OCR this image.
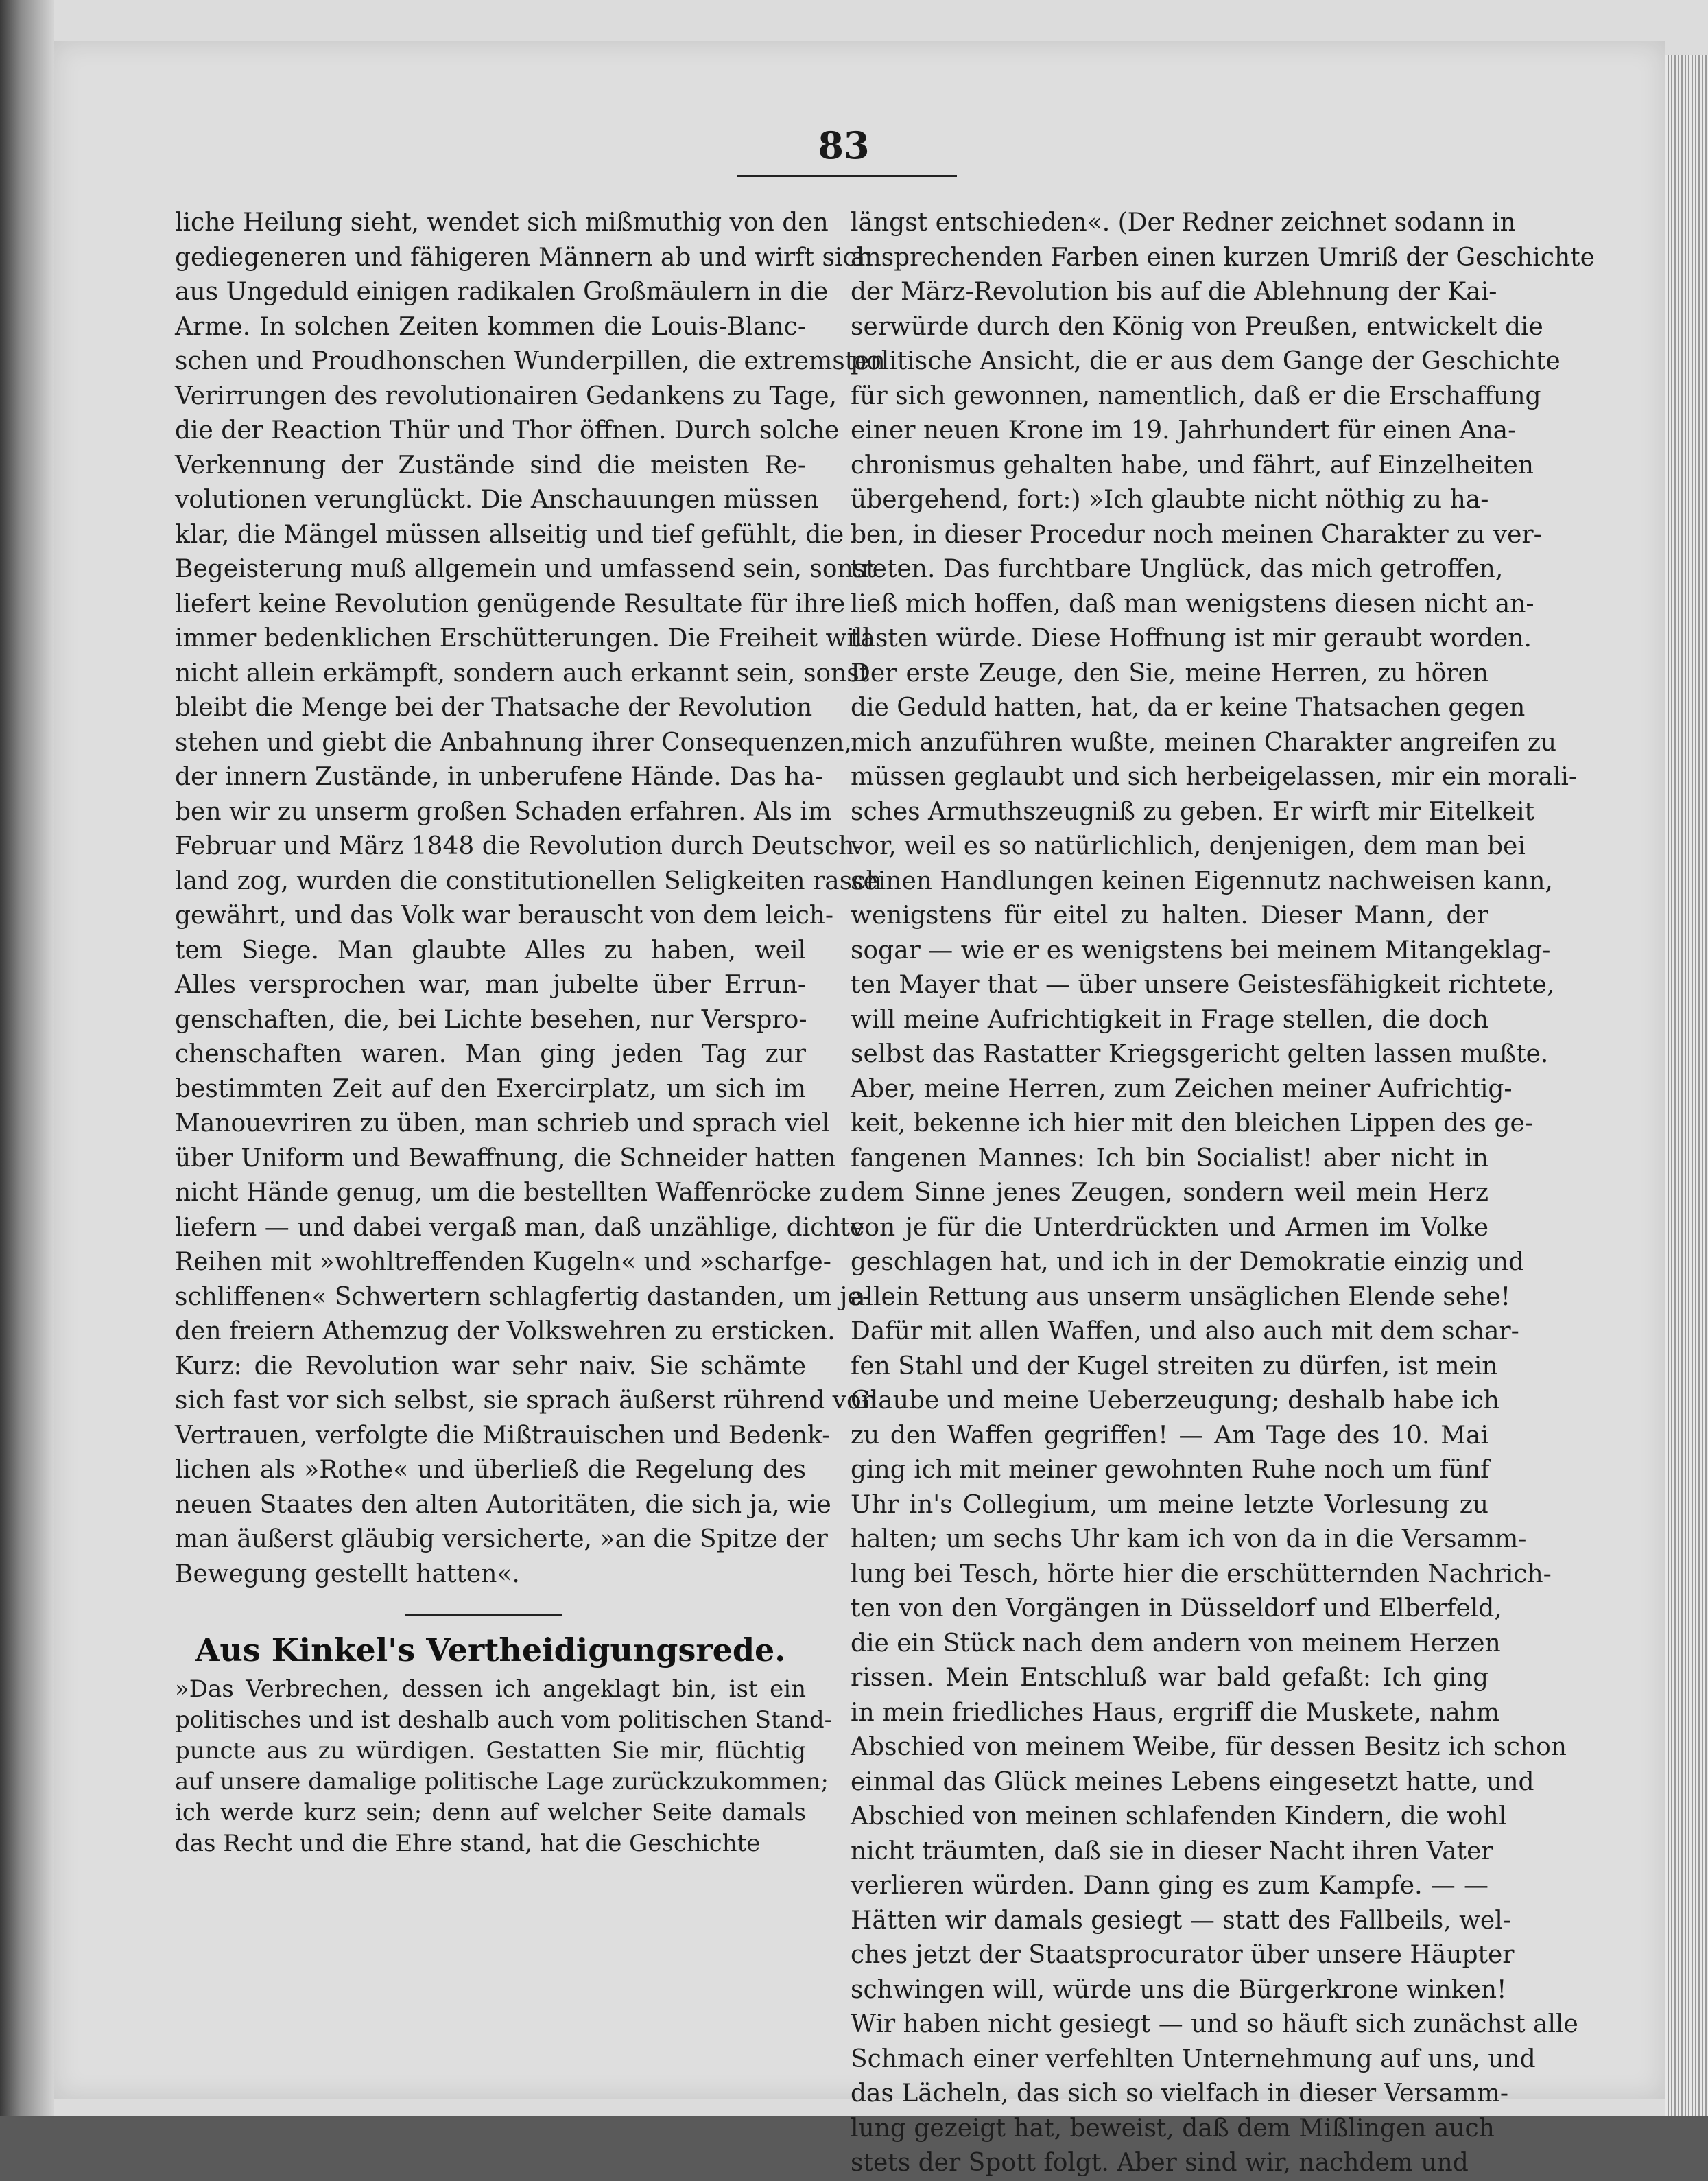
83
liche Heilung sieht, wendet sich mißmuthig von den
gediegeneren und fähigeren Männern ab und wirft sich
aus Ungeduld einigen radikalen Großmäulern in die
Arme. In solchen Zeiten kommen die Louis-Blanc-
schen und Proudhonschen Wunderpillen, die extremsten
Verirrungen des revolutionairen Gedankens zu Tage,
die der Reaction Thür und Thor öffnen. Durch solche
Verkennung der Zustände sind die meisten Re-
volutionen verunglückt. Die Anschauungen müssen
klar, die Mängel müssen allseitig und tief gefühlt, die
Begeisterung muß allgemein und umfassend sein, sonst
liefert keine Revolution genügende Resultate für ihre
immer bedenklichen Erschütterungen. Die Freiheit will
nicht allein erkämpft, sondern auch erkannt sein, sonst
bleibt die Menge bei der Thatsache der Revolution
stehen und giebt die Anbahnung ihrer Consequenzen,
der innern Zustände, in unberufene Hände. Das ha-
ben wir zu unserm großen Schaden erfahren. Als im
Februar und März 1848 die Revolution durch Deutsch-
land zog, wurden die constitutionellen Seligkeiten rasch
gewährt, und das Volk war berauscht von dem leich-
tem Siege. Man glaubte Alles zu haben, weil
Alles versprochen war, man jubelte über Errun-
genschaften, die, bei Lichte besehen, nur Verspro-
chenschaften waren. Man ging jeden Tag zur
bestimmten Zeit auf den Exercirplatz, um sich im
Manouevriren zu üben, man schrieb und sprach viel
über Uniform und Bewaffnung, die Schneider hatten
nicht Hände genug, um die bestellten Waffenröcke zu
liefern — und dabei vergaß man, daß unzählige, dichte
Reihen mit »wohltreffenden Kugeln« und »scharfge-
schliffenen« Schwertern schlagfertig dastanden, um je-
den freiern Athemzug der Volkswehren zu ersticken.
Kurz: die Revolution war sehr naiv. Sie schämte
sich fast vor sich selbst, sie sprach äußerst rührend von
Vertrauen, verfolgte die Mißtrauischen und Bedenk-
lichen als »Rothe« und überließ die Regelung des
neuen Staates den alten Autoritäten, die sich ja, wie
man äußerst gläubig versicherte, »an die Spitze der
Bewegung gestellt hatten«.
Aus Kinkel's Vertheidigungsrede.
»Das Verbrechen, dessen ich angeklagt bin, ist ein
politisches und ist deshalb auch vom politischen Stand-
puncte aus zu würdigen. Gestatten Sie mir, flüchtig
auf unsere damalige politische Lage zurückzukommen;
ich werde kurz sein; denn auf welcher Seite damals
das Recht und die Ehre stand, hat die Geschichte
längst entschieden«. (Der Redner zeichnet sodann in
ansprechenden Farben einen kurzen Umriß der Geschichte
der März-Revolution bis auf die Ablehnung der Kai-
serwürde durch den König von Preußen, entwickelt die
politische Ansicht, die er aus dem Gange der Geschichte
für sich gewonnen, namentlich, daß er die Erschaffung
einer neuen Krone im 19. Jahrhundert für einen Ana-
chronismus gehalten habe, und fährt, auf Einzelheiten
übergehend, fort:) »Ich glaubte nicht nöthig zu ha-
ben, in dieser Procedur noch meinen Charakter zu ver-
treten. Das furchtbare Unglück, das mich getroffen,
ließ mich hoffen, daß man wenigstens diesen nicht an-
tasten würde. Diese Hoffnung ist mir geraubt worden.
Der erste Zeuge, den Sie, meine Herren, zu hören
die Geduld hatten, hat, da er keine Thatsachen gegen
mich anzuführen wußte, meinen Charakter angreifen zu
müssen geglaubt und sich herbeigelassen, mir ein morali-
sches Armuthszeugniß zu geben. Er wirft mir Eitelkeit
vor, weil es so natürlichlich, denjenigen, dem man bei
seinen Handlungen keinen Eigennutz nachweisen kann,
wenigstens für eitel zu halten. Dieser Mann, der
sogar — wie er es wenigstens bei meinem Mitangeklag-
ten Mayer that — über unsere Geistesfähigkeit richtete,
will meine Aufrichtigkeit in Frage stellen, die doch
selbst das Rastatter Kriegsgericht gelten lassen mußte.
Aber, meine Herren, zum Zeichen meiner Aufrichtig-
keit, bekenne ich hier mit den bleichen Lippen des ge-
fangenen Mannes: Ich bin Socialist! aber nicht in
dem Sinne jenes Zeugen, sondern weil mein Herz
von je für die Unterdrückten und Armen im Volke
geschlagen hat, und ich in der Demokratie einzig und
allein Rettung aus unserm unsäglichen Elende sehe!
Dafür mit allen Waffen, und also auch mit dem schar-
fen Stahl und der Kugel streiten zu dürfen, ist mein
Glaube und meine Ueberzeugung; deshalb habe ich
zu den Waffen gegriffen! — Am Tage des 10. Mai
ging ich mit meiner gewohnten Ruhe noch um fünf
Uhr in's Collegium, um meine letzte Vorlesung zu
halten; um sechs Uhr kam ich von da in die Versamm-
lung bei Tesch, hörte hier die erschütternden Nachrich-
ten von den Vorgängen in Düsseldorf und Elberfeld,
die ein Stück nach dem andern von meinem Herzen
rissen. Mein Entschluß war bald gefaßt: Ich ging
in mein friedliches Haus, ergriff die Muskete, nahm
Abschied von meinem Weibe, für dessen Besitz ich schon
einmal das Glück meines Lebens eingesetzt hatte, und
Abschied von meinen schlafenden Kindern, die wohl
nicht träumten, daß sie in dieser Nacht ihren Vater
verlieren würden. Dann ging es zum Kampfe. — —
Hätten wir damals gesiegt — statt des Fallbeils, wel-
ches jetzt der Staatsprocurator über unsere Häupter
schwingen will, würde uns die Bürgerkrone winken!
Wir haben nicht gesiegt — und so häuft sich zunächst alle
Schmach einer verfehlten Unternehmung auf uns, und
das Lächeln, das sich so vielfach in dieser Versamm-
lung gezeigt hat, beweist, daß dem Mißlingen auch
stets der Spott folgt. Aber sind wir, nachdem und
